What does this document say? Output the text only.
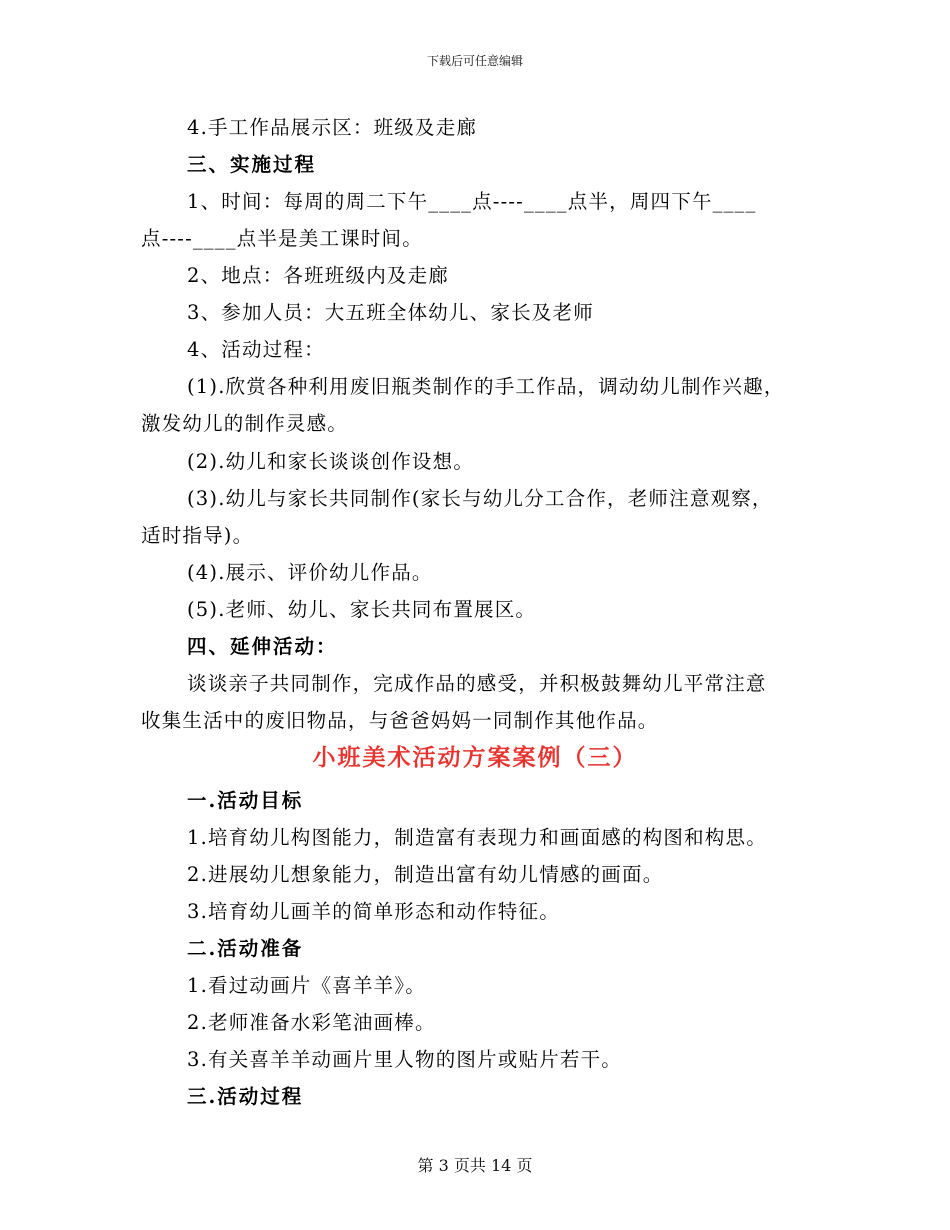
下载后可任意编辑
4.手工作品展示区：班级及走廊
三、实施过程
1、时间：每周的周二下午____点----____点半，周四下午____
点----____点半是美工课时间。
2、地点：各班班级内及走廊
3、参加人员：大五班全体幼儿、家长及老师
4、活动过程：
(1).欣赏各种利用废旧瓶类制作的手工作品，调动幼儿制作兴趣，
激发幼儿的制作灵感。
(2).幼儿和家长谈谈创作设想。
(3).幼儿与家长共同制作(家长与幼儿分工合作，老师注意观察，
适时指导)。
(4).展示、评价幼儿作品。
(5).老师、幼儿、家长共同布置展区。
四、延伸活动：
谈谈亲子共同制作，完成作品的感受，并积极鼓舞幼儿平常注意
收集生活中的废旧物品，与爸爸妈妈一同制作其他作品。
小班美术活动方案案例（三）
一.活动目标
1.培育幼儿构图能力，制造富有表现力和画面感的构图和构思。
2.进展幼儿想象能力，制造出富有幼儿情感的画面。
3.培育幼儿画羊的简单形态和动作特征。
二.活动准备
1.看过动画片《喜羊羊》。
2.老师准备水彩笔油画棒。
3.有关喜羊羊动画片里人物的图片或贴片若干。
三.活动过程
第 3 页共 14 页
